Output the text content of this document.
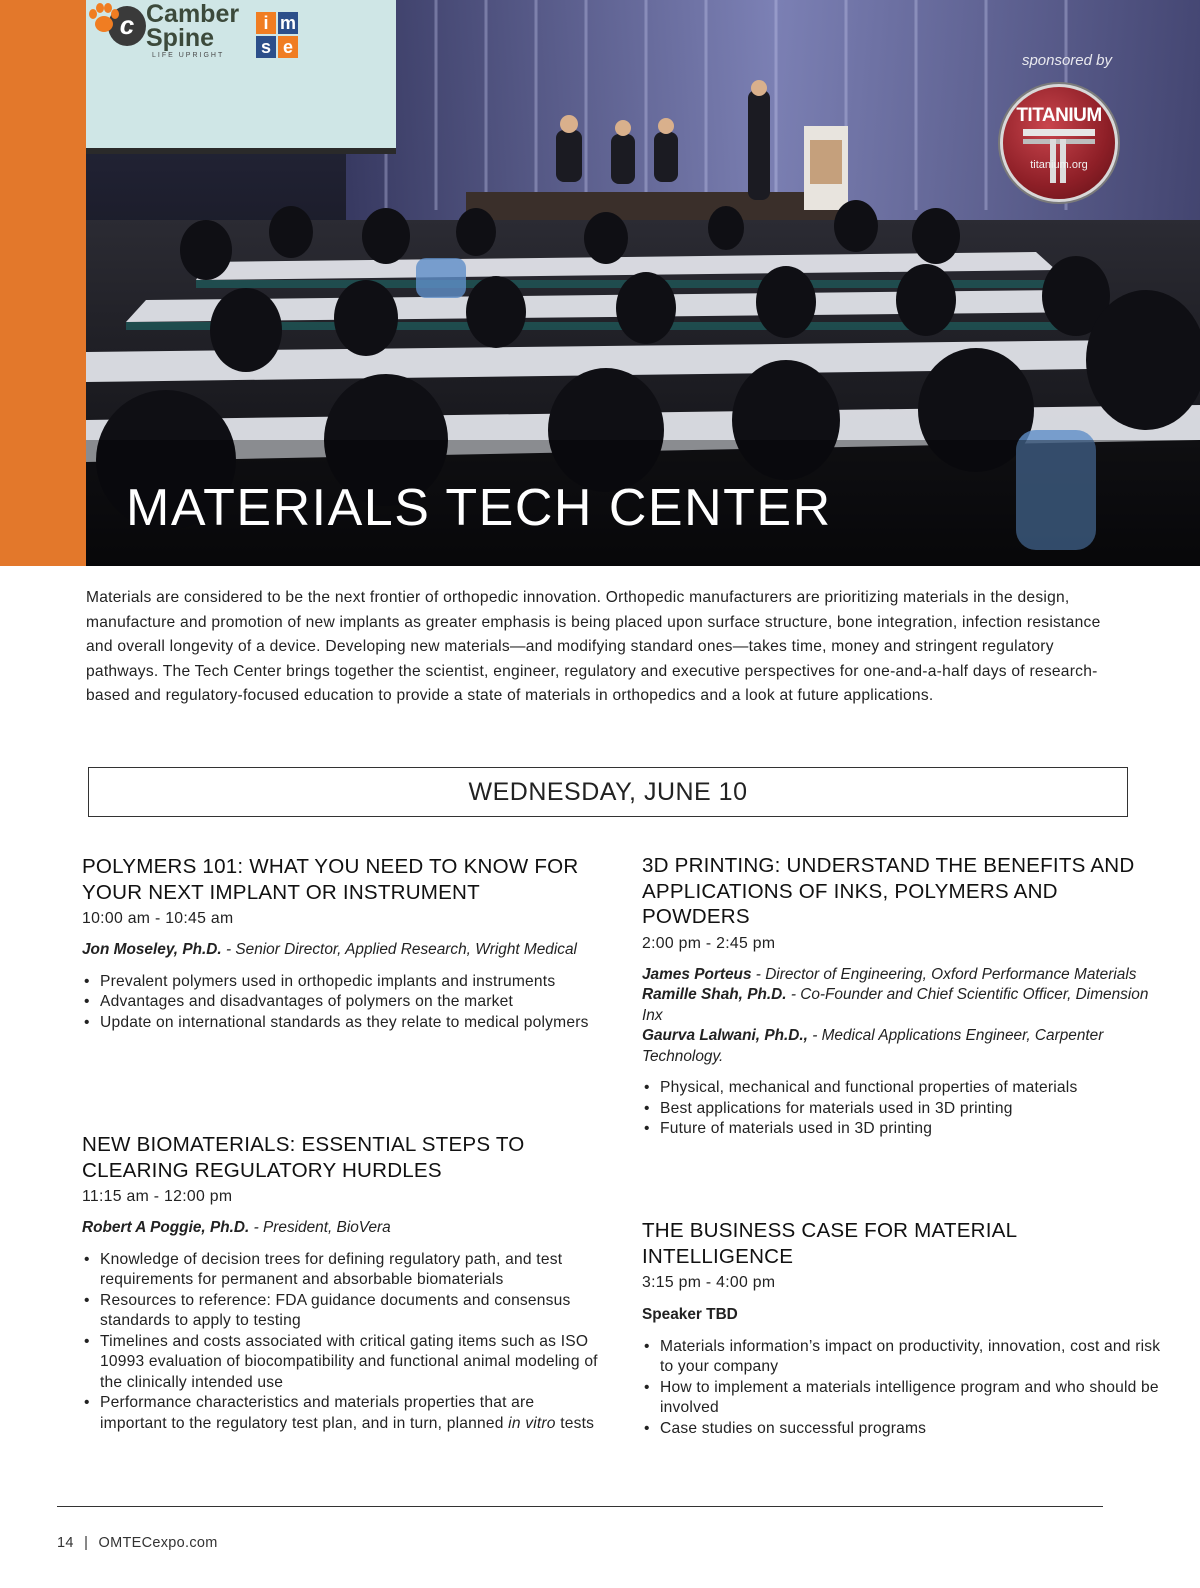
c Camber Spine
LIFE UPRIGHT
i m
s e
sponsored by
TITANIUM
titanium.org
MATERIALS TECH CENTER

Materials are considered to be the next frontier of orthopedic innovation. Orthopedic manufacturers are prioritizing materials in the design, manufacture and promotion of new implants as greater emphasis is being placed upon surface structure, bone integration, infection resistance and overall longevity of a device. Developing new materials—and modifying standard ones—takes time, money and stringent regulatory pathways. The Tech Center brings together the scientist, engineer, regulatory and executive perspectives for one-and-a-half days of research-based and regulatory-focused education to provide a state of materials in orthopedics and a look at future applications.

WEDNESDAY, JUNE 10
POLYMERS 101: WHAT YOU NEED TO KNOW FOR YOUR NEXT IMPLANT OR INSTRUMENT
10:00 am - 10:45 am
Jon Moseley, Ph.D. - Senior Director, Applied Research, Wright Medical
• Prevalent polymers used in orthopedic implants and instruments
• Advantages and disadvantages of polymers on the market
• Update on international standards as they relate to medical polymers
NEW BIOMATERIALS: ESSENTIAL STEPS TO CLEARING REGULATORY HURDLES
11:15 am - 12:00 pm
Robert A Poggie, Ph.D. - President, BioVera
• Knowledge of decision trees for defining regulatory path, and test requirements for permanent and absorbable biomaterials
• Resources to reference: FDA guidance documents and consensus standards to apply to testing
• Timelines and costs associated with critical gating items such as ISO 10993 evaluation of biocompatibility and functional animal modeling of the clinically intended use
• Performance characteristics and materials properties that are important to the regulatory test plan, and in turn, planned in vitro tests
3D PRINTING: UNDERSTAND THE BENEFITS AND APPLICATIONS OF INKS, POLYMERS AND POWDERS
2:00 pm - 2:45 pm
James Porteus - Director of Engineering, Oxford Performance Materials
Ramille Shah, Ph.D. - Co-Founder and Chief Scientific Officer, Dimension Inx
Gaurva Lalwani, Ph.D., - Medical Applications Engineer, Carpenter Technology.
• Physical, mechanical and functional properties of materials
• Best applications for materials used in 3D printing
• Future of materials used in 3D printing
THE BUSINESS CASE FOR MATERIAL INTELLIGENCE
3:15 pm - 4:00 pm
Speaker TBD
• Materials information’s impact on productivity, innovation, cost and risk to your company
• How to implement a materials intelligence program and who should be involved
• Case studies on successful programs
14 | OMTECexpo.com
